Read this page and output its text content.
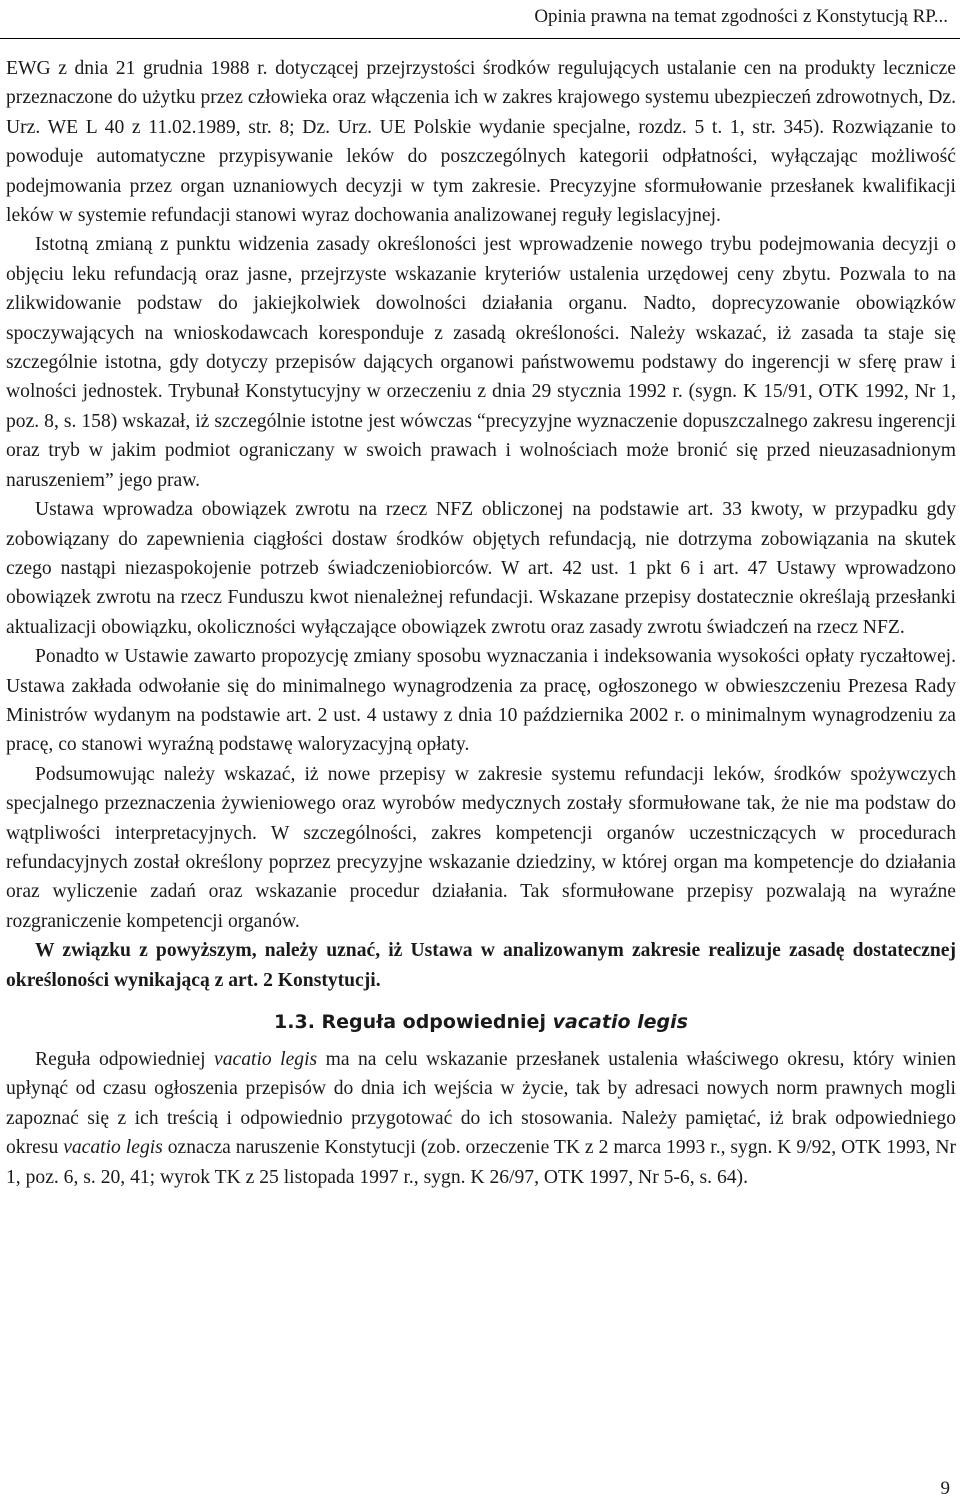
Opinia prawna na temat zgodności z Konstytucją RP...

EWG z dnia 21 grudnia 1988 r. dotyczącej przejrzystości środków regulujących ustalanie cen na produkty lecznicze przeznaczone do użytku przez człowieka oraz włączenia ich w zakres krajowego systemu ubezpieczeń zdrowotnych, Dz. Urz. WE L 40 z 11.02.1989, str. 8; Dz. Urz. UE Polskie wydanie specjalne, rozdz. 5 t. 1, str. 345). Rozwiązanie to powoduje automatyczne przypisywanie leków do poszczególnych kategorii odpłatności, wyłączając możliwość podejmowania przez organ uznaniowych decyzji w tym zakresie. Precyzyjne sformułowanie przesłanek kwalifikacji leków w systemie refundacji stanowi wyraz dochowania analizowanej reguły legislacyjnej.

Istotną zmianą z punktu widzenia zasady określoności jest wprowadzenie nowego trybu podejmowania decyzji o objęciu leku refundacją oraz jasne, przejrzyste wskazanie kryteriów ustalenia urzędowej ceny zbytu. Pozwala to na zlikwidowanie podstaw do jakiejkolwiek dowolności działania organu. Nadto, doprecyzowanie obowiązków spoczywających na wnioskodawcach koresponduje z zasadą określoności. Należy wskazać, iż zasada ta staje się szczególnie istotna, gdy dotyczy przepisów dających organowi państwowemu podstawy do ingerencji w sferę praw i wolności jednostek. Trybunał Konstytucyjny w orzeczeniu z dnia 29 stycznia 1992 r. (sygn. K 15/91, OTK 1992, Nr 1, poz. 8, s. 158) wskazał, iż szczególnie istotne jest wówczas “precyzyjne wyznaczenie dopuszczalnego zakresu ingerencji oraz tryb w jakim podmiot ograniczany w swoich prawach i wolnościach może bronić się przed nieuzasadnionym naruszeniem” jego praw.

Ustawa wprowadza obowiązek zwrotu na rzecz NFZ obliczonej na podstawie art. 33 kwoty, w przypadku gdy zobowiązany do zapewnienia ciągłości dostaw środków objętych refundacją, nie dotrzyma zobowiązania na skutek czego nastąpi niezaspokojenie potrzeb świadczeniobiorców. W art. 42 ust. 1 pkt 6 i art. 47 Ustawy wprowadzono obowiązek zwrotu na rzecz Funduszu kwot nienależnej refundacji. Wskazane przepisy dostatecznie określają przesłanki aktualizacji obowiązku, okoliczności wyłączające obowiązek zwrotu oraz zasady zwrotu świadczeń na rzecz NFZ.

Ponadto w Ustawie zawarto propozycję zmiany sposobu wyznaczania i indeksowania wysokości opłaty ryczałtowej. Ustawa zakłada odwołanie się do minimalnego wynagrodzenia za pracę, ogłoszonego w obwieszczeniu Prezesa Rady Ministrów wydanym na podstawie art. 2 ust. 4 ustawy z dnia 10 października 2002 r. o minimalnym wynagrodzeniu za pracę, co stanowi wyraźną podstawę waloryzacyjną opłaty.

Podsumowując należy wskazać, iż nowe przepisy w zakresie systemu refundacji leków, środków spożywczych specjalnego przeznaczenia żywieniowego oraz wyrobów medycznych zostały sformułowane tak, że nie ma podstaw do wątpliwości interpretacyjnych. W szczególności, zakres kompetencji organów uczestniczących w procedurach refundacyjnych został określony poprzez precyzyjne wskazanie dziedziny, w której organ ma kompetencje do działania oraz wyliczenie zadań oraz wskazanie procedur działania. Tak sformułowane przepisy pozwalają na wyraźne rozgraniczenie kompetencji organów.

W związku z powyższym, należy uznać, iż Ustawa w analizowanym zakresie realizuje zasadę dostatecznej określoności wynikającą z art. 2 Konstytucji.

1.3. Reguła odpowiedniej vacatio legis

Reguła odpowiedniej vacatio legis ma na celu wskazanie przesłanek ustalenia właściwego okresu, który winien upłynąć od czasu ogłoszenia przepisów do dnia ich wejścia w życie, tak by adresaci nowych norm prawnych mogli zapoznać się z ich treścią i odpowiednio przygotować do ich stosowania. Należy pamiętać, iż brak odpowiedniego okresu vacatio legis oznacza naruszenie Konstytucji (zob. orzeczenie TK z 2 marca 1993 r., sygn. K 9/92, OTK 1993, Nr 1, poz. 6, s. 20, 41; wyrok TK z 25 listopada 1997 r., sygn. K 26/97, OTK 1997, Nr 5-6, s. 64).

9
